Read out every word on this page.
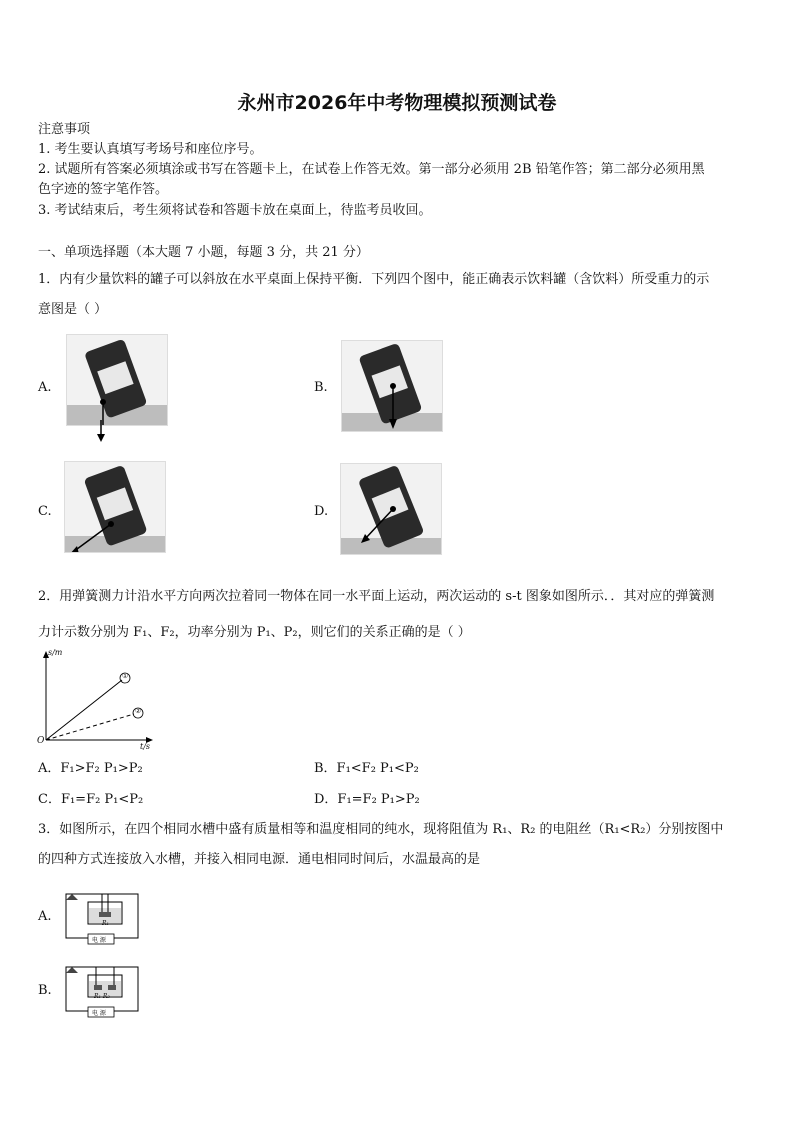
永州市2026年中考物理模拟预测试卷
注意事项
1. 考生要认真填写考场号和座位序号。
2. 试题所有答案必须填涂或书写在答题卡上，在试卷上作答无效。第一部分必须用 2B 铅笔作答；第二部分必须用黑
色字迹的签字笔作答。
3. 考试结束后，考生须将试卷和答题卡放在桌面上，待监考员收回。
一、单项选择题（本大题 7 小题，每题 3 分，共 21 分）
1．内有少量饮料的罐子可以斜放在水平桌面上保持平衡．下列四个图中，能正确表示饮料罐（含饮料）所受重力的示
意图是（ ）
A.	B.
C.	D.
2．用弹簧测力计沿水平方向两次拉着同一物体在同一水平面上运动，两次运动的 s-t 图象如图所示．．其对应的弹簧测
力计示数分别为 F₁、F₂，功率分别为 P₁、P₂，则它们的关系正确的是（ ）
s/m
t/s
O
①
②
A．F₁>F₂ P₁>P₂	B．F₁<F₂ P₁<P₂
C．F₁=F₂ P₁<P₂	D．F₁=F₂ P₁>P₂
3．如图所示，在四个相同水槽中盛有质量相等和温度相同的纯水，现将阻值为 R₁、R₂ 的电阻丝（R₁<R₂）分别按图中
的四种方式连接放入水槽，并接入相同电源．通电相同时间后，水温最高的是
A.	R₁
电 源
B.	R₁ R₂
电 源
